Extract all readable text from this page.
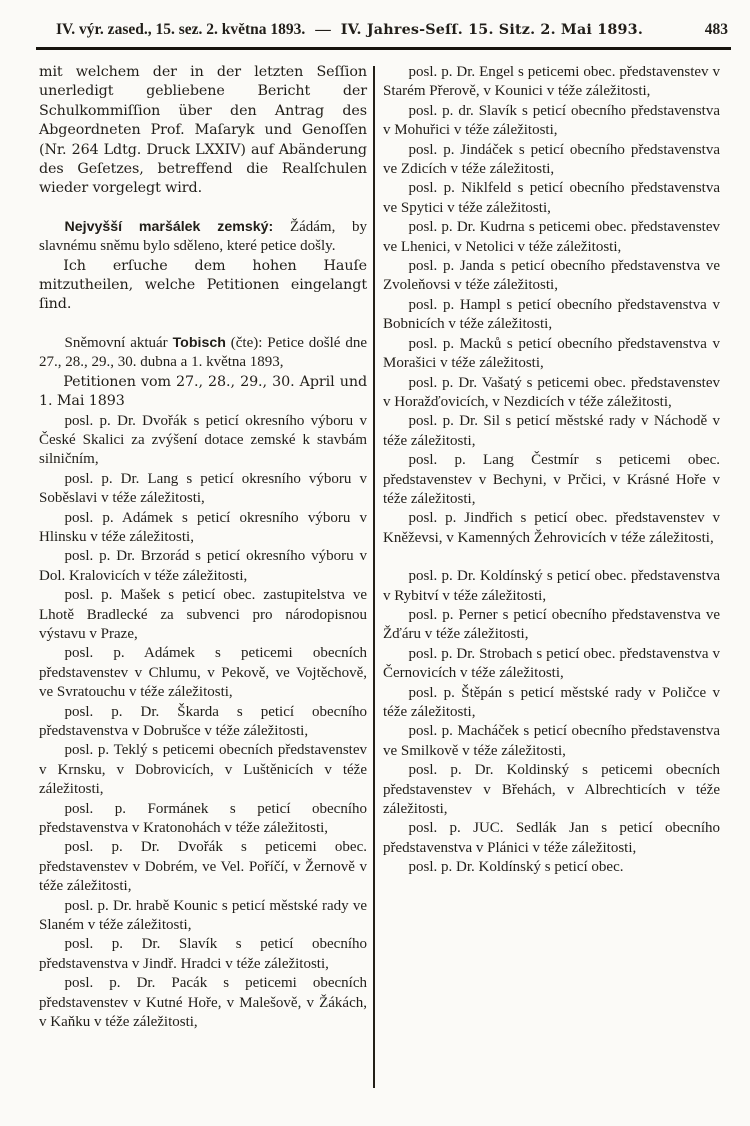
IV. výr. zased., 15. sez. 2. května 1893. — IV. Jahres-Seſſ. 15. Sitz. 2. Mai 1893.	483

mit welchem der in der letzten Seſſion unerledigt gebliebene Bericht der Schulkommiſſion über den Antrag des Abgeordneten Prof. Maſaryk und Genoſſen (Nr. 264 Ldtg. Druck LXXIV) auf Abänderung des Geſetzes, betreffend die Realſchulen wieder vorgelegt wird.

Nejvyšší maršálek zemský: Žádám, by slavnému sněmu bylo sděleno, které petice došly.

Ich erſuche dem hohen Hauſe mitzutheilen, welche Petitionen eingelangt ſind.

Sněmovní aktuár Tobisch (čte): Petice došlé dne 27., 28., 29., 30. dubna a 1. května 1893,

Petitionen vom 27., 28., 29., 30. April und 1. Mai 1893

posl. p. Dr. Dvořák s peticí okresního výboru v České Skalici za zvýšení dotace zemské k stavbám silničním,

posl. p. Dr. Lang s peticí okresního výboru v Soběslavi v téže záležitosti,

posl. p. Adámek s peticí okresního výboru v Hlinsku v téže záležitosti,

posl. p. Dr. Brzorád s peticí okresního výboru v Dol. Kralovicích v téže záležitosti,

posl. p. Mašek s peticí obec. zastupitelstva ve Lhotě Bradlecké za subvenci pro národopisnou výstavu v Praze,

posl. p. Adámek s peticemi obecních představenstev v Chlumu, v Pekově, ve Vojtěchově, ve Svratouchu v téže záležitosti,

posl. p. Dr. Škarda s peticí obecního představenstva v Dobrušce v téže záležitosti,

posl. p. Teklý s peticemi obecních představenstev v Krnsku, v Dobrovicích, v Luštěnicích v téže záležitosti,

posl. p. Formánek s peticí obecního představenstva v Kratonohách v téže záležitosti,

posl. p. Dr. Dvořák s peticemi obec. představenstev v Dobrém, ve Vel. Poříčí, v Žernově v téže záležitosti,

posl. p. Dr. hrabě Kounic s peticí městské rady ve Slaném v téže záležitosti,

posl. p. Dr. Slavík s peticí obecního představenstva v Jindř. Hradci v téže záležitosti,

posl. p. Dr. Pacák s peticemi obecních představenstev v Kutné Hoře, v Malešově, v Žákách, v Kaňku v téže záležitosti,

posl. p. Dr. Engel s peticemi obec. představenstev v Starém Přerově, v Kounici v téže záležitosti,

posl. p. dr. Slavík s peticí obecního představenstva v Mohuřici v téže záležitosti,

posl. p. Jindáček s peticí obecního představenstva ve Zdicích v téže záležitosti,

posl. p. Niklfeld s peticí obecního představenstva ve Spytici v téže záležitosti,

posl. p. Dr. Kudrna s peticemi obec. představenstev ve Lhenici, v Netolici v téže záležitosti,

posl. p. Janda s peticí obecního představenstva ve Zvoleňovsi v téže záležitosti,

posl. p. Hampl s peticí obecního představenstva v Bobnicích v téže záležitosti,

posl. p. Macků s peticí obecního představenstva v Morašici v téže záležitosti,

posl. p. Dr. Vašatý s peticemi obec. představenstev v Horažďovicích, v Nezdicích v téže záležitosti,

posl. p. Dr. Sil s peticí městské rady v Náchodě v téže záležitosti,

posl. p. Lang Čestmír s peticemi obec. představenstev v Bechyni, v Prčici, v Krásné Hoře v téže záležitosti,

posl. p. Jindřich s peticí obec. představenstev v Kněževsi, v Kamenných Žehrovicích v téže záležitosti,

posl. p. Dr. Koldínský s peticí obec. představenstva v Rybitví v téže záležitosti,

posl. p. Perner s peticí obecního představenstva ve Žďáru v téže záležitosti,

posl. p. Dr. Strobach s peticí obec. představenstva v Černovicích v téže záležitosti,

posl. p. Štěpán s peticí městské rady v Poličce v téže záležitosti,

posl. p. Macháček s peticí obecního představenstva ve Smilkově v téže záležitosti,

posl. p. Dr. Koldinský s peticemi obecních představenstev v Břehách, v Albrechticích v téže záležitosti,

posl. p. JUC. Sedlák Jan s peticí obecního představenstva v Plánici v téže záležitosti,

posl. p. Dr. Koldínský s peticí obec.
